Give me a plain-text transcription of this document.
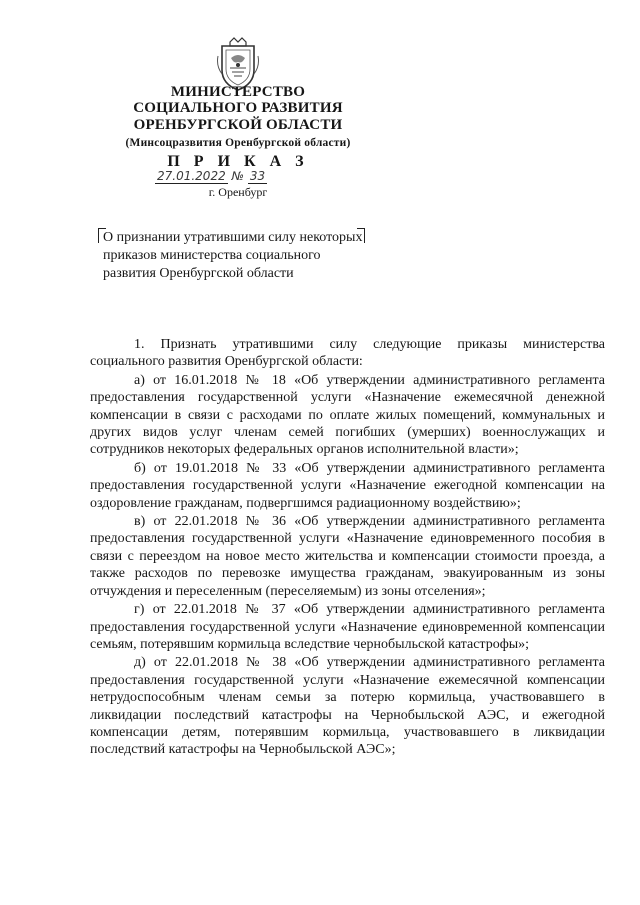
МИНИСТЕРСТВО
СОЦИАЛЬНОГО РАЗВИТИЯ
ОРЕНБУРГСКОЙ ОБЛАСТИ
(Минсоцразвития Оренбургской области)
П Р И К А З
27.01.2022 № 33
г. Оренбург
О признании утратившими силу некоторых приказов министерства социального развития Оренбургской области
1. Признать утратившими силу следующие приказы министерства социального развития Оренбургской области:
а) от 16.01.2018 № 18 «Об утверждении административного регламента предоставления государственной услуги «Назначение ежемесячной денежной компенсации в связи с расходами по оплате жилых помещений, коммунальных и других видов услуг членам семей погибших (умерших) военнослужащих и сотрудников некоторых федеральных органов исполнительной власти»;
б) от 19.01.2018 № 33 «Об утверждении административного регламента предоставления государственной услуги «Назначение ежегодной компенсации на оздоровление гражданам, подвергшимся радиационному воздействию»;
в) от 22.01.2018 № 36 «Об утверждении административного регламента предоставления государственной услуги «Назначение единовременного пособия в связи с переездом на новое место жительства и компенсации стоимости проезда, а также расходов по перевозке имущества гражданам, эвакуированным из зоны отчуждения и переселенным (переселяемым) из зоны отселения»;
г) от 22.01.2018 № 37 «Об утверждении административного регламента предоставления государственной услуги «Назначение единовременной компенсации семьям, потерявшим кормильца вследствие чернобыльской катастрофы»;
д) от 22.01.2018 № 38 «Об утверждении административного регламента предоставления государственной услуги «Назначение ежемесячной компенсации нетрудоспособным членам семьи за потерю кормильца, участвовавшего в ликвидации последствий катастрофы на Чернобыльской АЭС, и ежегодной компенсации детям, потерявшим кормильца, участвовавшего в ликвидации последствий катастрофы на Чернобыльской АЭС»;
